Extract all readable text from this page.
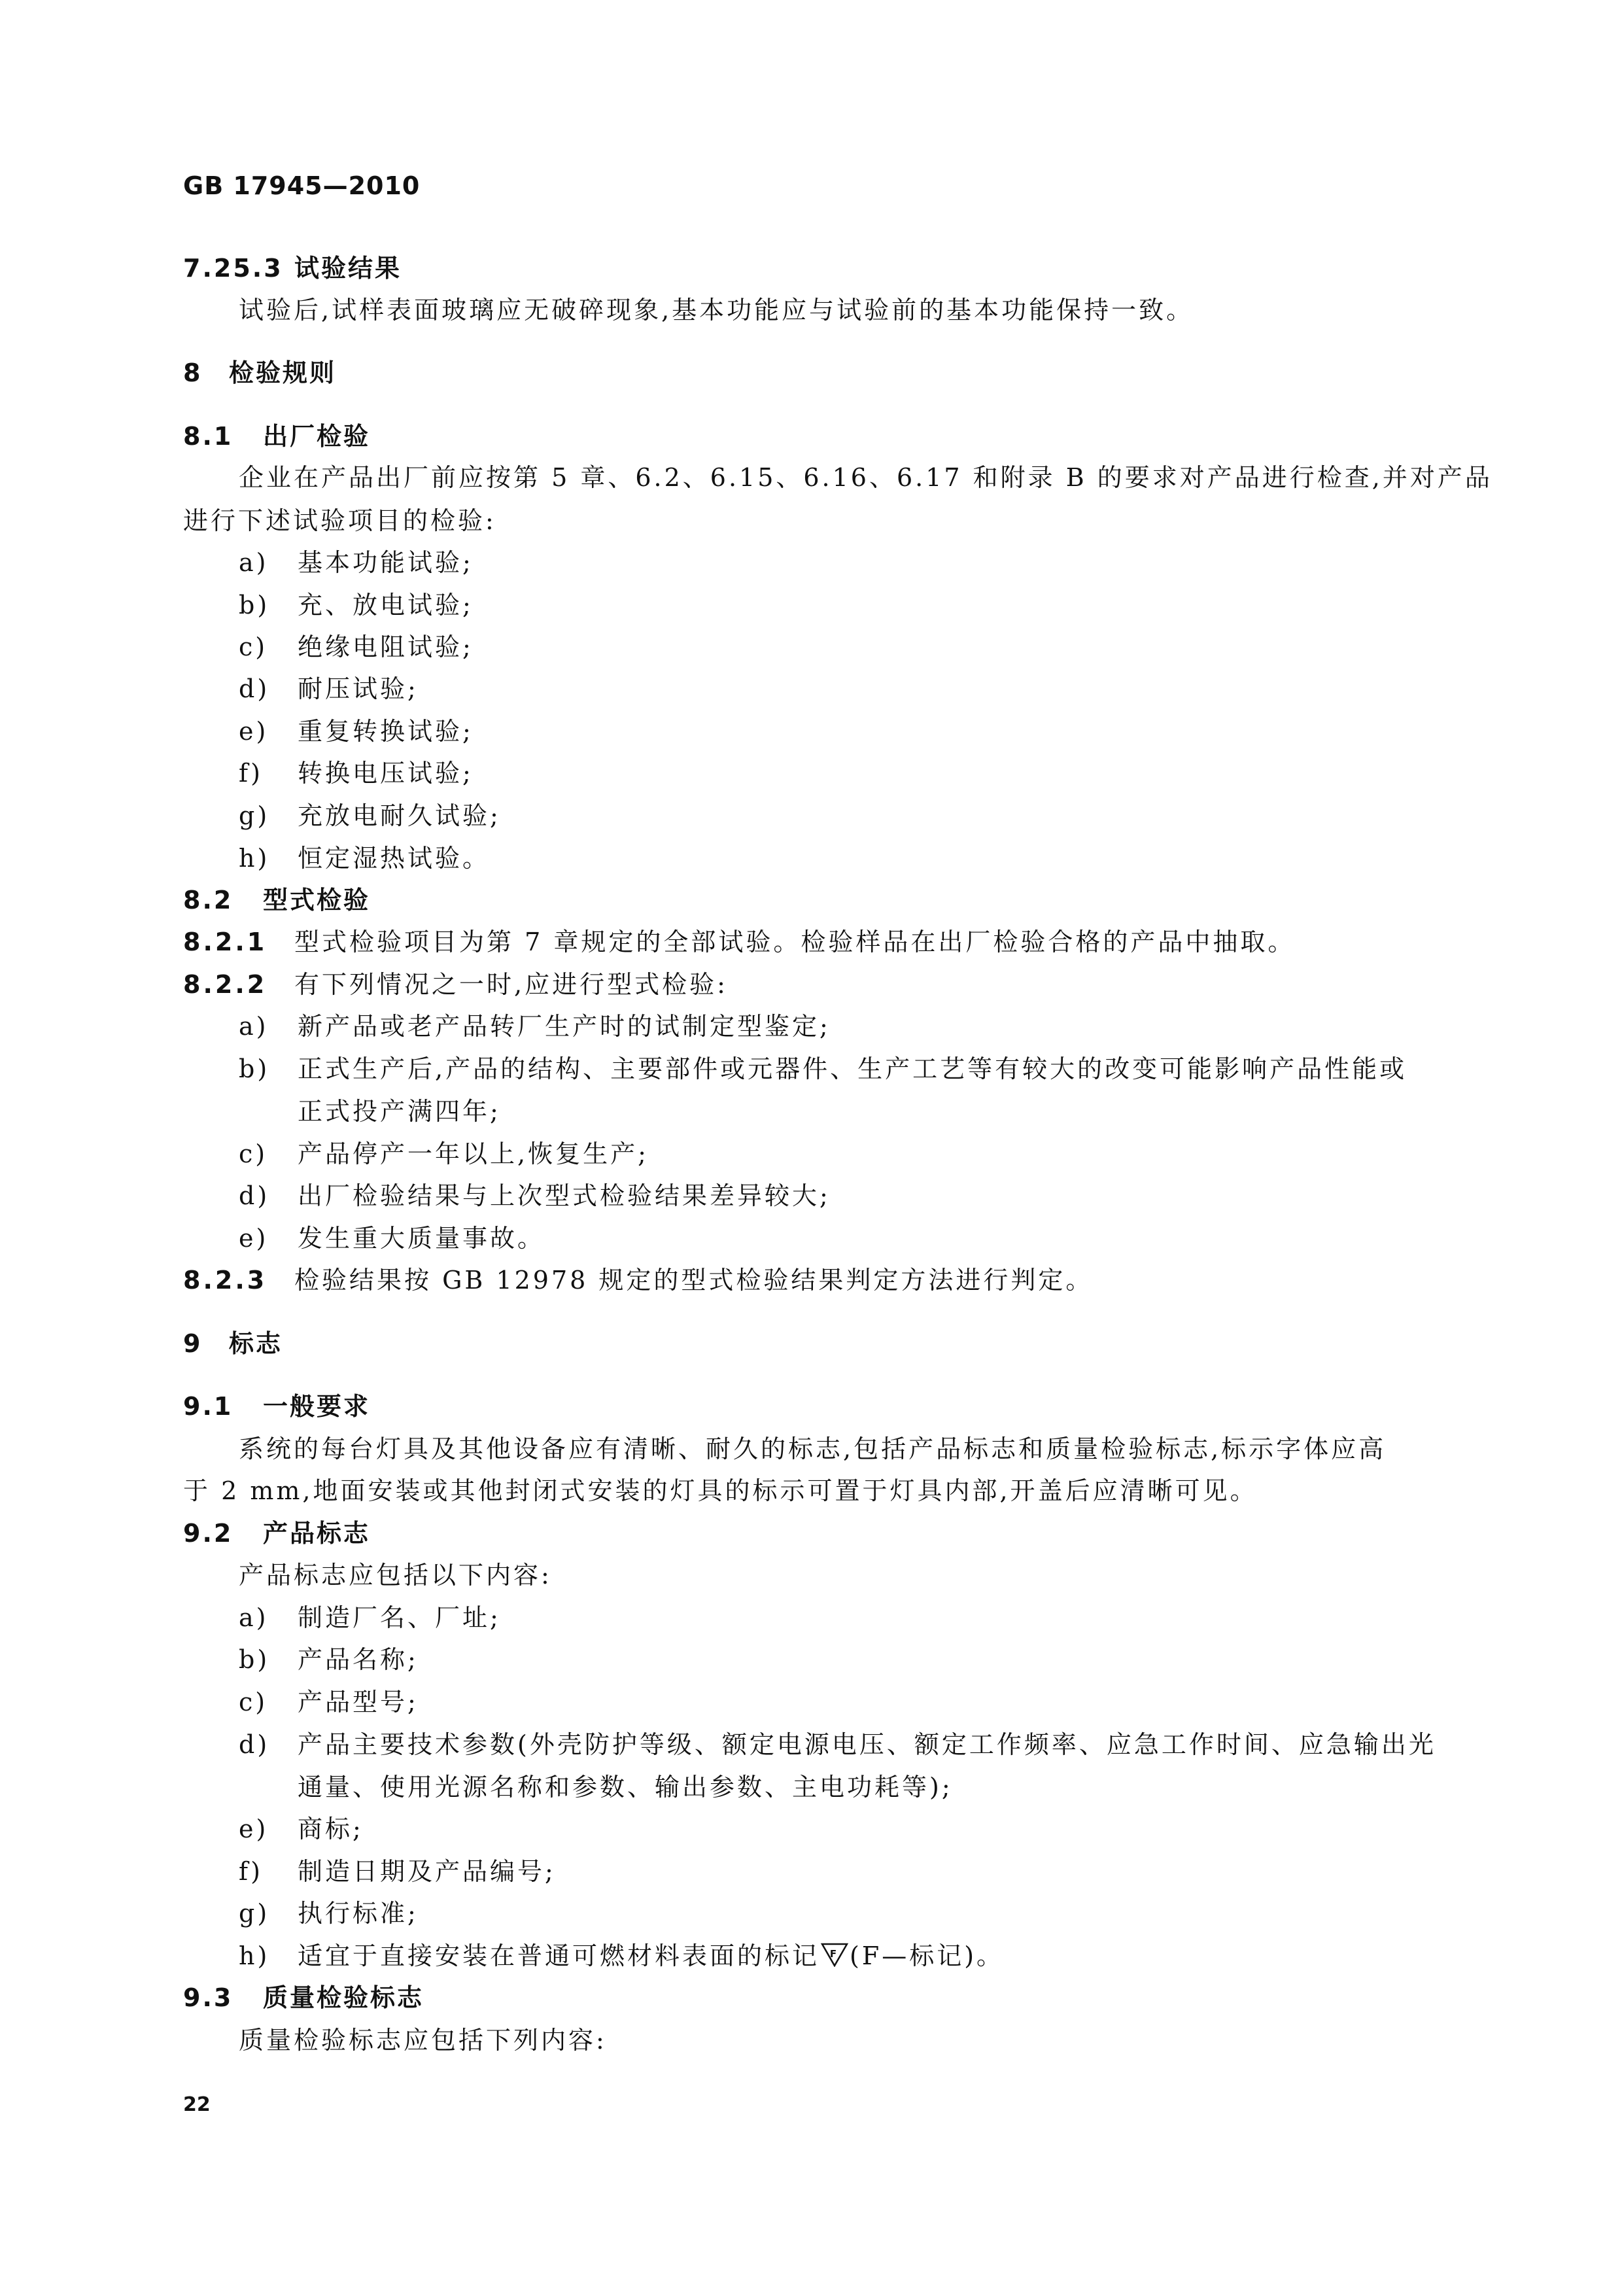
GB 17945—2010
7.25.3 试验结果
试验后,试样表面玻璃应无破碎现象,基本功能应与试验前的基本功能保持一致。
8 检验规则
8.1 出厂检验
企业在产品出厂前应按第 5 章、6.2、6.15、6.16、6.17 和附录 B 的要求对产品进行检查,并对产品
进行下述试验项目的检验:
a) 基本功能试验;
b) 充、放电试验;
c) 绝缘电阻试验;
d) 耐压试验;
e) 重复转换试验;
f) 转换电压试验;
g) 充放电耐久试验;
h) 恒定湿热试验。
8.2 型式检验
8.2.1 型式检验项目为第 7 章规定的全部试验。检验样品在出厂检验合格的产品中抽取。
8.2.2 有下列情况之一时,应进行型式检验:
a) 新产品或老产品转厂生产时的试制定型鉴定;
b) 正式生产后,产品的结构、主要部件或元器件、生产工艺等有较大的改变可能影响产品性能或
正式投产满四年;
c) 产品停产一年以上,恢复生产;
d) 出厂检验结果与上次型式检验结果差异较大;
e) 发生重大质量事故。
8.2.3 检验结果按 GB 12978 规定的型式检验结果判定方法进行判定。
9 标志
9.1 一般要求
系统的每台灯具及其他设备应有清晰、耐久的标志,包括产品标志和质量检验标志,标示字体应高
于 2 mm,地面安装或其他封闭式安装的灯具的标示可置于灯具内部,开盖后应清晰可见。
9.2 产品标志
产品标志应包括以下内容:
a) 制造厂名、厂址;
b) 产品名称;
c) 产品型号;
d) 产品主要技术参数(外壳防护等级、额定电源电压、额定工作频率、应急工作时间、应急输出光
通量、使用光源名称和参数、输出参数、主电功耗等);
e) 商标;
f) 制造日期及产品编号;
g) 执行标准;
h) 适宜于直接安装在普通可燃材料表面的标记 F (F—标记)。
9.3 质量检验标志
质量检验标志应包括下列内容:
22
